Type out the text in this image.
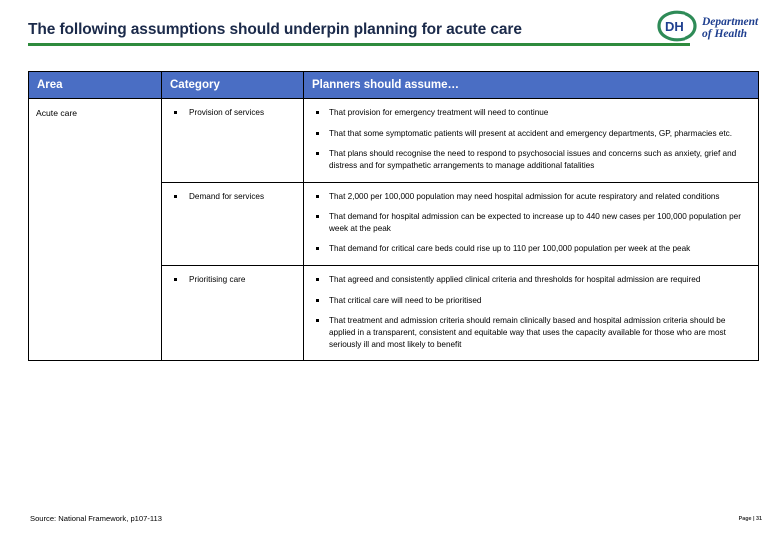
The following assumptions should underpin planning for acute care	DH Department
of Health
Area	Category	Planners should assume…

Acute care	Provision of services	That provision for emergency treatment will need to continue
That that some symptomatic patients will present at accident and emergency departments, GP, pharmacies etc.
That plans should recognise the need to respond to psychosocial issues and concerns such as anxiety, grief and distress and for sympathetic arrangements to manage additional fatalities

Demand for services	That 2,000 per 100,000 population may need hospital admission for acute respiratory and related conditions
That demand for hospital admission can be expected to increase up to 440 new cases per 100,000 population per week at the peak
That demand for critical care beds could rise up to 110 per 100,000 population per week at the peak

Prioritising care	That agreed and consistently applied clinical criteria and thresholds for hospital admission are required
That critical care will need to be prioritised
That treatment and admission criteria should remain clinically based and hospital admission criteria should be applied in a transparent, consistent and equitable way that uses the capacity available for those who are most seriously ill and most likely to benefit
Source: National Framework, p107-113	Page | 31
